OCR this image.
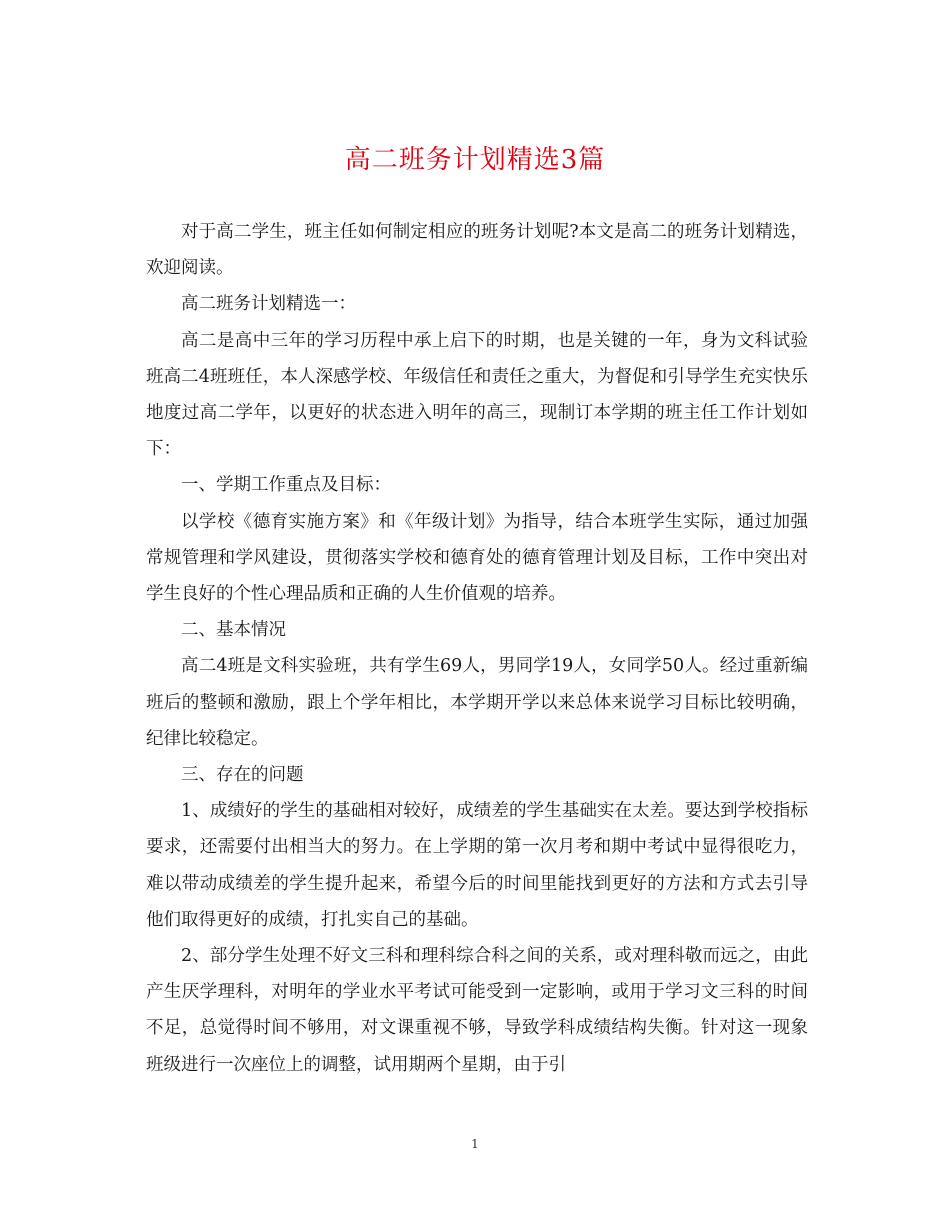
高二班务计划精选3篇

对于高二学生，班主任如何制定相应的班务计划呢?本文是高二的班务计划精选，欢迎阅读。

高二班务计划精选一：

高二是高中三年的学习历程中承上启下的时期，也是关键的一年，身为文科试验班高二4班班任，本人深感学校、年级信任和责任之重大，为督促和引导学生充实快乐地度过高二学年，以更好的状态进入明年的高三，现制订本学期的班主任工作计划如下：

一、学期工作重点及目标：

以学校《德育实施方案》和《年级计划》为指导，结合本班学生实际，通过加强常规管理和学风建设，贯彻落实学校和德育处的德育管理计划及目标，工作中突出对学生良好的个性心理品质和正确的人生价值观的培养。

二、基本情况

高二4班是文科实验班，共有学生69人，男同学19人，女同学50人。经过重新编班后的整顿和激励，跟上个学年相比，本学期开学以来总体来说学习目标比较明确，纪律比较稳定。

三、存在的问题

1、成绩好的学生的基础相对较好，成绩差的学生基础实在太差。要达到学校指标要求，还需要付出相当大的努力。在上学期的第一次月考和期中考试中显得很吃力，难以带动成绩差的学生提升起来，希望今后的时间里能找到更好的方法和方式去引导他们取得更好的成绩，打扎实自己的基础。

2、部分学生处理不好文三科和理科综合科之间的关系，或对理科敬而远之，由此产生厌学理科，对明年的学业水平考试可能受到一定影响，或用于学习文三科的时间不足，总觉得时间不够用，对文课重视不够，导致学科成绩结构失衡。针对这一现象班级进行一次座位上的调整，试用期两个星期，由于引

1
